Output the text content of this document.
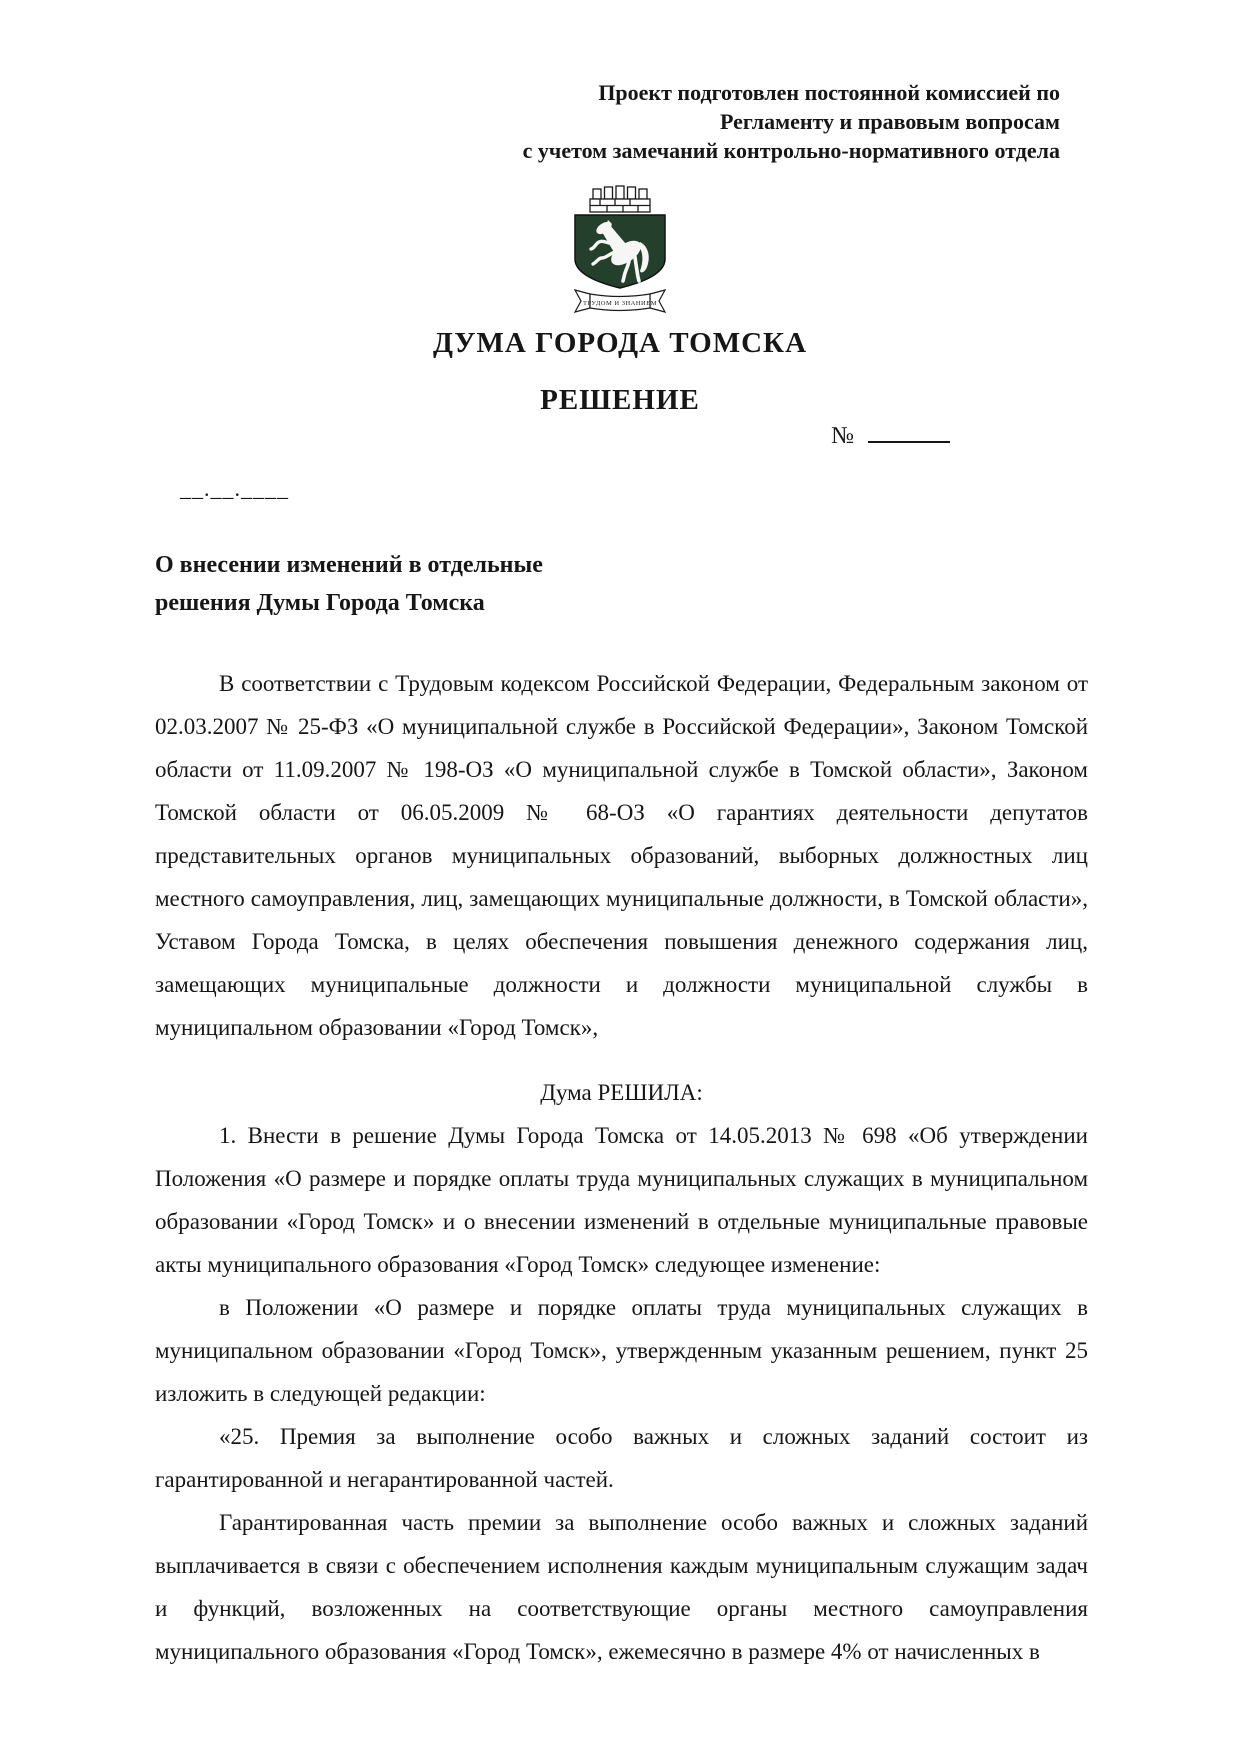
Проект подготовлен постоянной комиссией по
Регламенту и правовым вопросам
с учетом замечаний контрольно-нормативного отдела
ТРУДОМ И ЗНАНИЕМ
ДУМА ГОРОДА ТОМСКА
РЕШЕНИЕ
№
__.__.____
О внесении изменений в отдельные
решения Думы Города Томска

В соответствии с Трудовым кодексом Российской Федерации, Федеральным законом от 02.03.2007 № 25-ФЗ «О муниципальной службе в Российской Федерации», Законом Томской области от 11.09.2007 № 198-ОЗ «О муниципальной службе в Томской области», Законом Томской области от 06.05.2009 № 68-ОЗ «О гарантиях деятельности депутатов представительных органов муниципальных образований, выборных должностных лиц местного самоуправления, лиц, замещающих муниципальные должности, в Томской области», Уставом Города Томска, в целях обеспечения повышения денежного содержания лиц, замещающих муниципальные должности и должности муниципальной службы в муниципальном образовании «Город Томск»,

Дума РЕШИЛА:

1. Внести в решение Думы Города Томска от 14.05.2013 № 698 «Об утверждении Положения «О размере и порядке оплаты труда муниципальных служащих в муниципальном образовании «Город Томск» и о внесении изменений в отдельные муниципальные правовые акты муниципального образования «Город Томск» следующее изменение:

в Положении «О размере и порядке оплаты труда муниципальных служащих в муниципальном образовании «Город Томск», утвержденным указанным решением, пункт 25 изложить в следующей редакции:

«25. Премия за выполнение особо важных и сложных заданий состоит из гарантированной и негарантированной частей.

Гарантированная часть премии за выполнение особо важных и сложных заданий выплачивается в связи с обеспечением исполнения каждым муниципальным служащим задач и функций, возложенных на соответствующие органы местного самоуправления муниципального образования «Город Томск», ежемесячно в размере 4% от начисленных в
